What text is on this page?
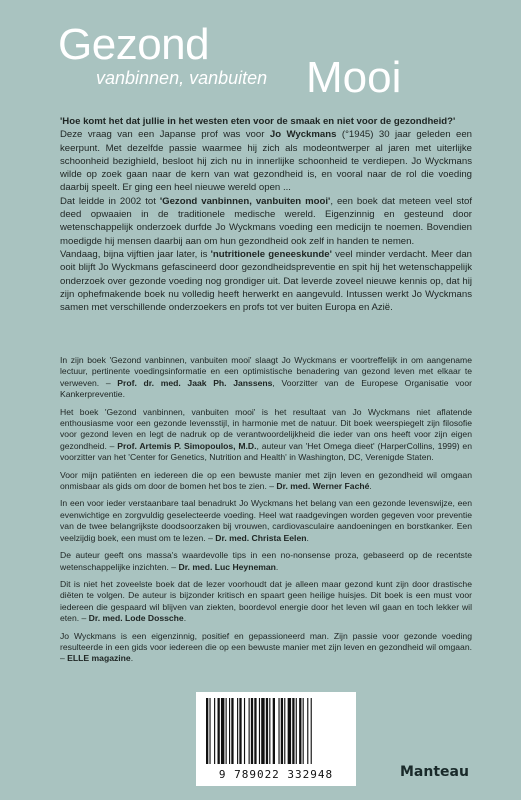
Gezond
vanbinnen, vanbuiten Mooi

'Hoe komt het dat jullie in het westen eten voor de smaak en niet voor de gezondheid?'

Deze vraag van een Japanse prof was voor Jo Wyckmans (°1945) 30 jaar geleden een keerpunt. Met dezelfde passie waarmee hij zich als modeontwerper al jaren met uiterlijke schoonheid bezighield, besloot hij zich nu in innerlijke schoonheid te verdiepen. Jo Wyckmans wilde op zoek gaan naar de kern van wat gezondheid is, en vooral naar de rol die voeding daarbij speelt. Er ging een heel nieuwe wereld open ...

Dat leidde in 2002 tot 'Gezond vanbinnen, vanbuiten mooi', een boek dat meteen veel stof deed opwaaien in de traditionele medische wereld. Eigenzinnig en gesteund door wetenschappelijk onderzoek durfde Jo Wyckmans voeding een medicijn te noemen. Bovendien moedigde hij mensen daarbij aan om hun gezondheid ook zelf in handen te nemen.

Vandaag, bijna vijftien jaar later, is 'nutritionele geneeskunde' veel minder verdacht. Meer dan ooit blijft Jo Wyckmans gefascineerd door gezondheidspreventie en spit hij het wetenschappelijk onderzoek over gezonde voeding nog grondiger uit. Dat leverde zoveel nieuwe kennis op, dat hij zijn ophefmakende boek nu volledig heeft herwerkt en aangevuld. Intussen werkt Jo Wyckmans samen met verschillende onderzoekers en profs tot ver buiten Europa en Azië.

In zijn boek 'Gezond vanbinnen, vanbuiten mooi' slaagt Jo Wyckmans er voortreffelijk in om aangename lectuur, pertinente voedingsinformatie en een optimistische benadering van gezond leven met elkaar te verweven. – Prof. dr. med. Jaak Ph. Janssens, Voorzitter van de Europese Organisatie voor Kankerpreventie.

Het boek 'Gezond vanbinnen, vanbuiten mooi' is het resultaat van Jo Wyckmans niet aflatende enthousiasme voor een gezonde levensstijl, in harmonie met de natuur. Dit boek weerspiegelt zijn filosofie voor gezond leven en legt de nadruk op de verantwoordelijkheid die ieder van ons heeft voor zijn eigen gezondheid. – Prof. Artemis P. Simopoulos, M.D., auteur van 'Het Omega dieet' (HarperCollins, 1999) en voorzitter van het 'Center for Genetics, Nutrition and Health' in Washington, DC, Verenigde Staten.

Voor mijn patiënten en iedereen die op een bewuste manier met zijn leven en gezondheid wil omgaan onmisbaar als gids om door de bomen het bos te zien. – Dr. med. Werner Faché.

In een voor ieder verstaanbare taal benadrukt Jo Wyckmans het belang van een gezonde levenswijze, een evenwichtige en zorgvuldig geselecteerde voeding. Heel wat raadgevingen worden gegeven voor preventie van de twee belangrijkste doodsoorzaken bij vrouwen, cardiovasculaire aandoeningen en borstkanker. Een veelzijdig boek, een must om te lezen. – Dr. med. Christa Eelen.

De auteur geeft ons massa's waardevolle tips in een no-nonsense proza, gebaseerd op de recentste wetenschappelijke inzichten. – Dr. med. Luc Heyneman.

Dit is niet het zoveelste boek dat de lezer voorhoudt dat je alleen maar gezond kunt zijn door drastische diëten te volgen. De auteur is bijzonder kritisch en spaart geen heilige huisjes. Dit boek is een must voor iedereen die gespaard wil blijven van ziekten, boordevol energie door het leven wil gaan en toch lekker wil eten. – Dr. med. Lode Dossche.

Jo Wyckmans is een eigenzinnig, positief en gepassioneerd man. Zijn passie voor gezonde voeding resulteerde in een gids voor iedereen die op een bewuste manier met zijn leven en gezondheid wil omgaan. – ELLE magazine.

9 789022 332948	Manteau
